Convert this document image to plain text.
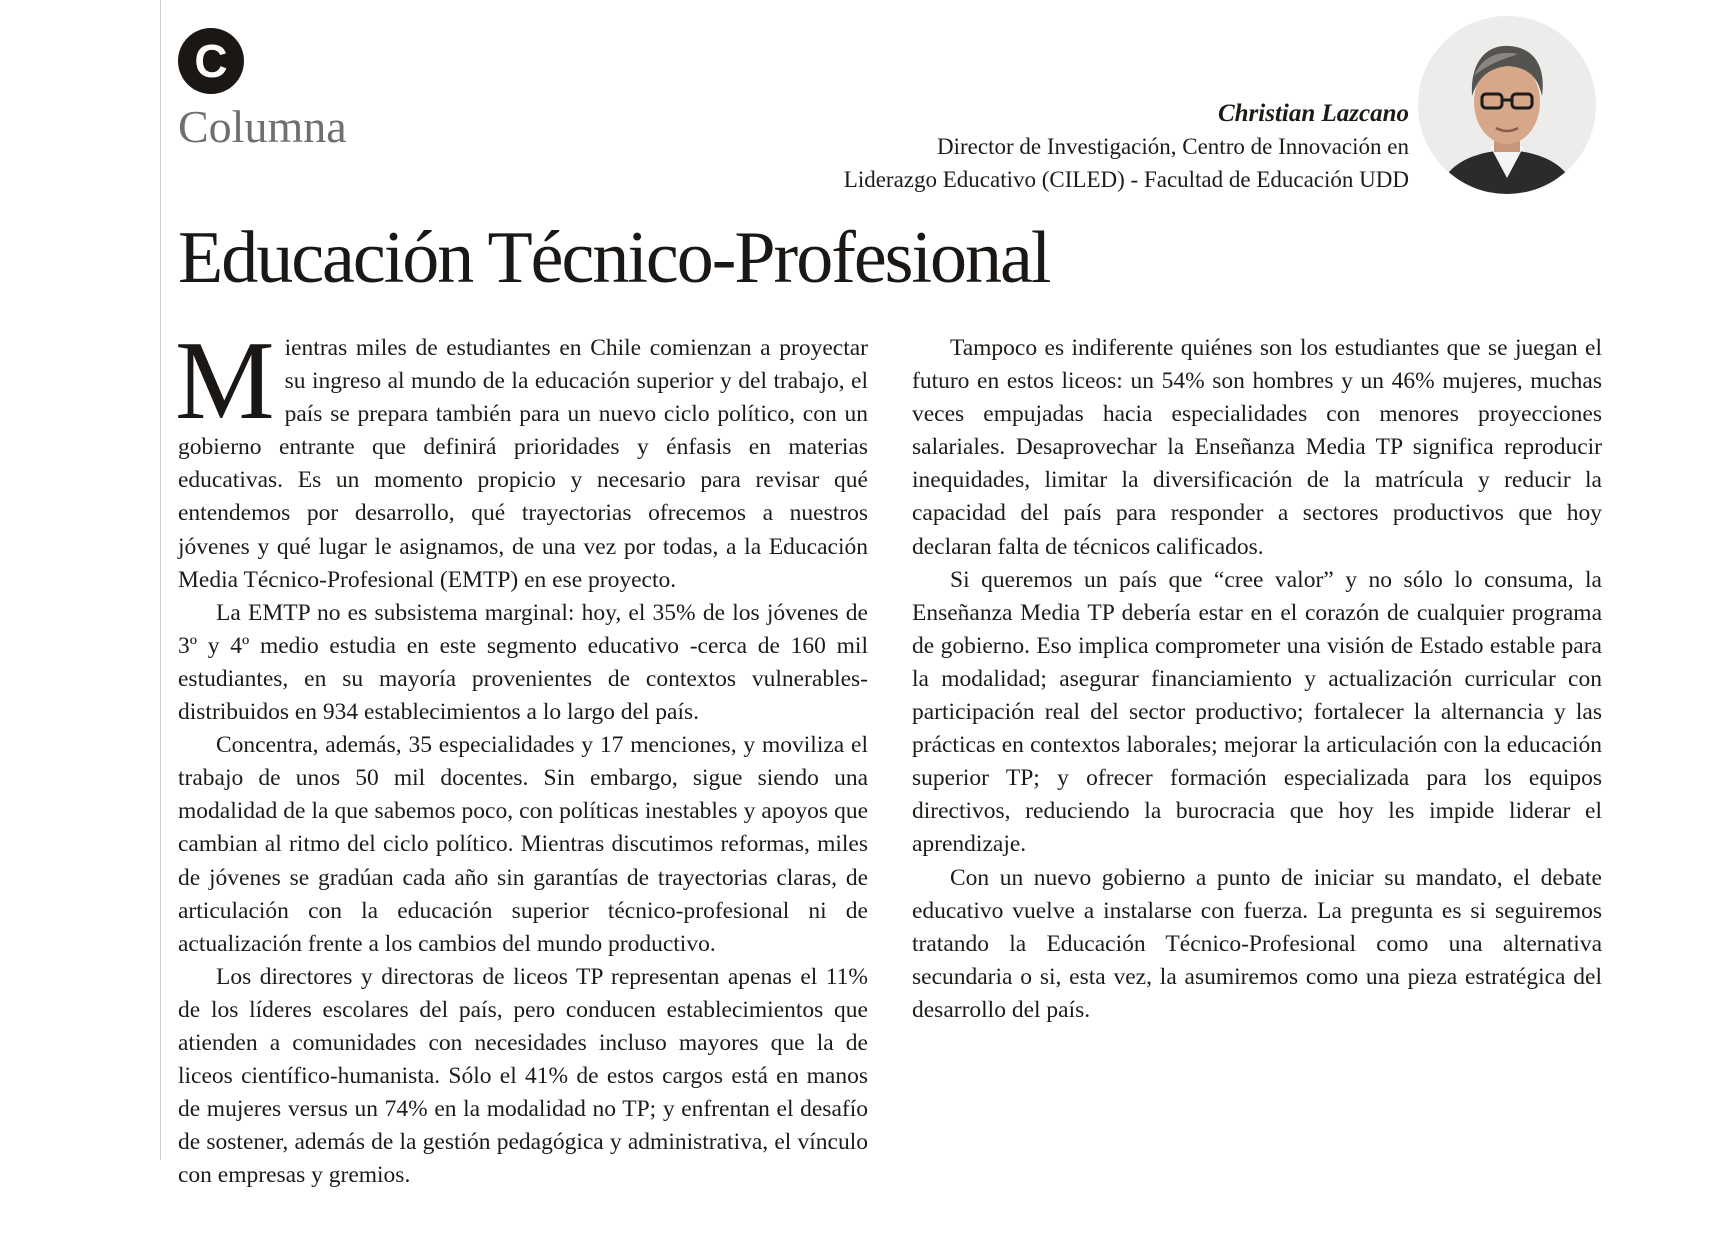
C
Columna	Christian Lazcano
Director de Investigación, Centro de Innovación en
Liderazgo Educativo (CILED) - Facultad de Educación UDD
Educación Técnico-Profesional

Mientras miles de estudiantes en Chile comienzan a proyectar su ingreso al mundo de la educación superior y del trabajo, el país se prepara también para un nuevo ciclo político, con un gobierno entrante que definirá prioridades y énfasis en materias educativas. Es un momento propicio y necesario para revisar qué entendemos por desarrollo, qué trayectorias ofrecemos a nuestros jóvenes y qué lugar le asignamos, de una vez por todas, a la Educación Media Técnico-Profesional (EMTP) en ese proyecto.

La EMTP no es subsistema marginal: hoy, el 35% de los jóvenes de 3º y 4º medio estudia en este segmento educativo -cerca de 160 mil estudiantes, en su mayoría provenientes de contextos vulnerables- distribuidos en 934 establecimientos a lo largo del país.

Concentra, además, 35 especialidades y 17 menciones, y moviliza el trabajo de unos 50 mil docentes. Sin embargo, sigue siendo una modalidad de la que sabemos poco, con políticas inestables y apoyos que cambian al ritmo del ciclo político. Mientras discutimos reformas, miles de jóvenes se gradúan cada año sin garantías de trayectorias claras, de articulación con la educación superior técnico-profesional ni de actualización frente a los cambios del mundo productivo.

Los directores y directoras de liceos TP representan apenas el 11% de los líderes escolares del país, pero conducen establecimientos que atienden a comunidades con necesidades incluso mayores que la de liceos científico-humanista. Sólo el 41% de estos cargos está en manos de mujeres versus un 74% en la modalidad no TP; y enfrentan el desafío de sostener, además de la gestión pedagógica y administrativa, el vínculo con empresas y gremios.

Tampoco es indiferente quiénes son los estudiantes que se juegan el futuro en estos liceos: un 54% son hombres y un 46% mujeres, muchas veces empujadas hacia especialidades con menores proyecciones salariales. Desaprovechar la Enseñanza Media TP significa reproducir inequidades, limitar la diversificación de la matrícula y reducir la capacidad del país para responder a sectores productivos que hoy declaran falta de técnicos calificados.

Si queremos un país que “cree valor” y no sólo lo consuma, la Enseñanza Media TP debería estar en el corazón de cualquier programa de gobierno. Eso implica comprometer una visión de Estado estable para la modalidad; asegurar financiamiento y actualización curricular con participación real del sector productivo; fortalecer la alternancia y las prácticas en contextos laborales; mejorar la articulación con la educación superior TP; y ofrecer formación especializada para los equipos directivos, reduciendo la burocracia que hoy les impide liderar el aprendizaje.

Con un nuevo gobierno a punto de iniciar su mandato, el debate educativo vuelve a instalarse con fuerza. La pregunta es si seguiremos tratando la Educación Técnico-Profesional como una alternativa secundaria o si, esta vez, la asumiremos como una pieza estratégica del desarrollo del país.
